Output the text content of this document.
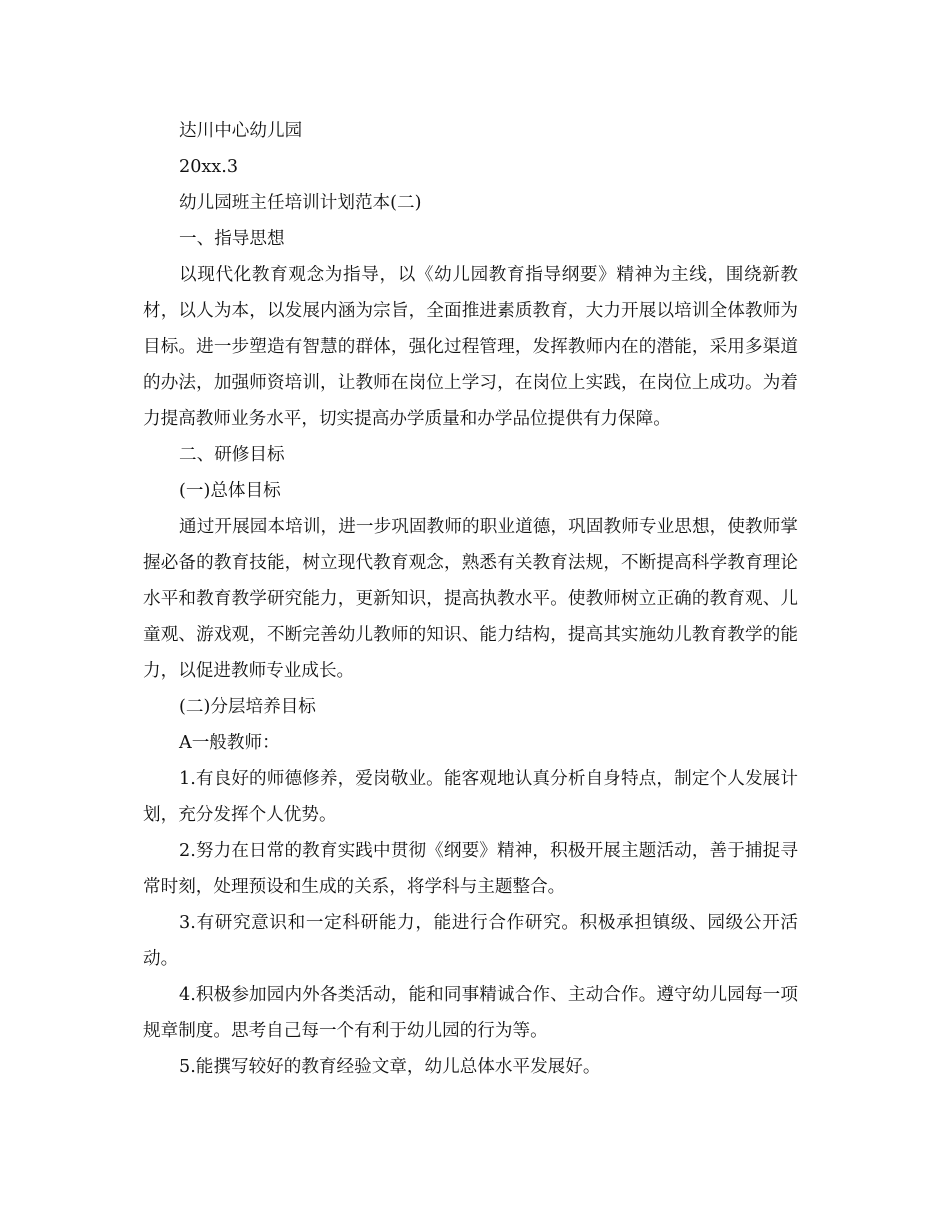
达川中心幼儿园

20xx.3

幼儿园班主任培训计划范本(二)

一、指导思想

以现代化教育观念为指导，以《幼儿园教育指导纲要》精神为主线，围绕新教材，以人为本，以发展内涵为宗旨，全面推进素质教育，大力开展以培训全体教师为目标。进一步塑造有智慧的群体，强化过程管理，发挥教师内在的潜能，采用多渠道的办法，加强师资培训，让教师在岗位上学习，在岗位上实践，在岗位上成功。为着力提高教师业务水平，切实提高办学质量和办学品位提供有力保障。

二、研修目标

(一)总体目标

通过开展园本培训，进一步巩固教师的职业道德，巩固教师专业思想，使教师掌握必备的教育技能，树立现代教育观念，熟悉有关教育法规，不断提高科学教育理论水平和教育教学研究能力，更新知识，提高执教水平。使教师树立正确的教育观、儿童观、游戏观，不断完善幼儿教师的知识、能力结构，提高其实施幼儿教育教学的能力，以促进教师专业成长。

(二)分层培养目标

A一般教师：

1.有良好的师德修养，爱岗敬业。能客观地认真分析自身特点，制定个人发展计划，充分发挥个人优势。

2.努力在日常的教育实践中贯彻《纲要》精神，积极开展主题活动，善于捕捉寻常时刻，处理预设和生成的关系，将学科与主题整合。

3.有研究意识和一定科研能力，能进行合作研究。积极承担镇级、园级公开活动。

4.积极参加园内外各类活动，能和同事精诚合作、主动合作。遵守幼儿园每一项规章制度。思考自己每一个有利于幼儿园的行为等。

5.能撰写较好的教育经验文章，幼儿总体水平发展好。
